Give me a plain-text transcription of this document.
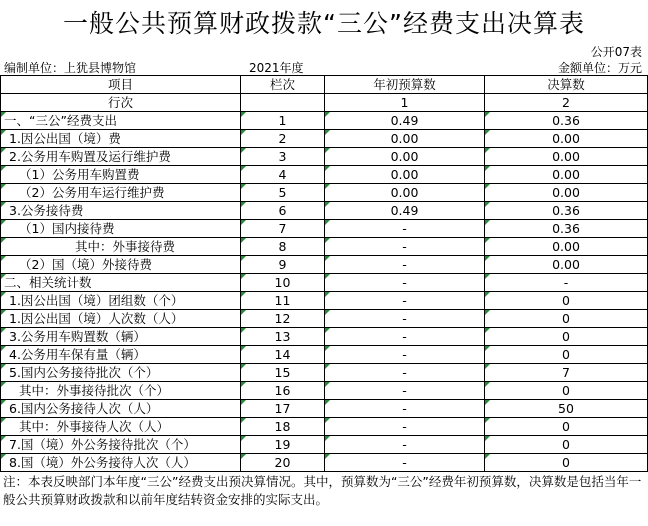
一般公共预算财政拨款“三公”经费支出决算表
公开07表
编制单位：上犹县博物馆	2021年度	金额单位：万元
项目	栏次	年初预算数	决算数
行次		1	2
一、“三公”经费支出	1	0.49	0.36
1.因公出国（境）费	2	0.00	0.00
2.公务用车购置及运行维护费	3	0.00	0.00
（1）公务用车购置费	4	0.00	0.00
（2）公务用车运行维护费	5	0.00	0.00
3.公务接待费	6	0.49	0.36
（1）国内接待费	7	-	0.36
其中：外事接待费	8	-	0.00
（2）国（境）外接待费	9	-	0.00
二、相关统计数	10	-	-
1.因公出国（境）团组数（个）	11	-	0
1.因公出国（境）人次数（人）	12	-	0
3.公务用车购置数（辆）	13	-	0
4.公务用车保有量（辆）	14	-	0
5.国内公务接待批次（个）	15	-	7
其中：外事接待批次（个）	16	-	0
6.国内公务接待人次（人）	17	-	50
其中：外事接待人次（人）	18	-	0
7.国（境）外公务接待批次（个）	19	-	0
8.国（境）外公务接待人次（人）	20	-	0
注：本表反映部门本年度“三公”经费支出预决算情况。其中，预算数为“三公”经费年初预算数，决算数是包括当年一般公共预算财政拨款和以前年度结转资金安排的实际支出。
